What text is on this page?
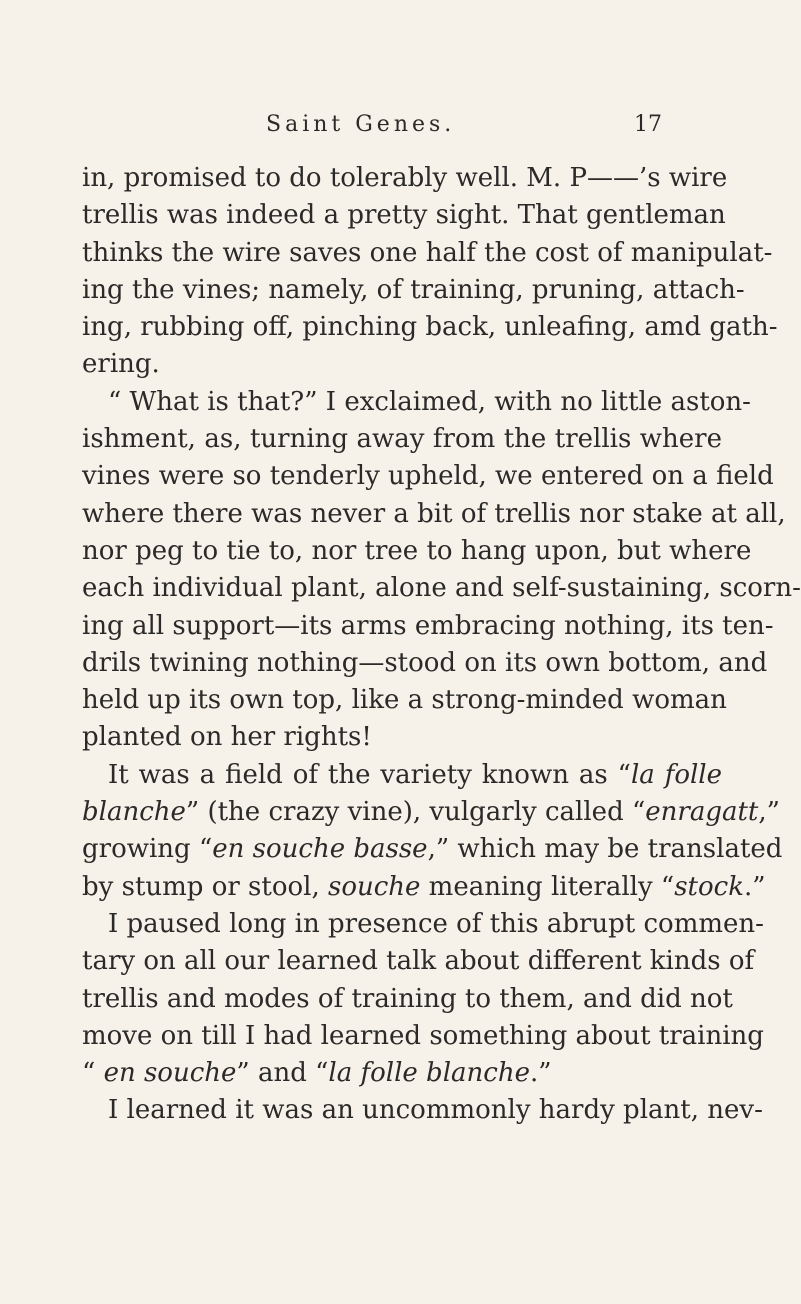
Saint Genes.	17
in, promised to do tolerably well. M. P——’s wire
trellis was indeed a pretty sight. That gentleman
thinks the wire saves one half the cost of manipulat-
ing the vines; namely, of training, pruning, attach-
ing, rubbing off, pinching back, unleafing, amd gath-
ering.
“ What is that?” I exclaimed, with no little aston-
ishment, as, turning away from the trellis where
vines were so tenderly upheld, we entered on a field
where there was never a bit of trellis nor stake at all,
nor peg to tie to, nor tree to hang upon, but where
each individual plant, alone and self-sustaining, scorn-
ing all support—its arms embracing nothing, its ten-
drils twining nothing—stood on its own bottom, and
held up its own top, like a strong-minded woman
planted on her rights!
It was a field of the variety known as “la folle
blanche” (the crazy vine), vulgarly called “enragatt,”
growing “en souche basse,” which may be translated
by stump or stool, souche meaning literally “stock.”
I paused long in presence of this abrupt commen-
tary on all our learned talk about different kinds of
trellis and modes of training to them, and did not
move on till I had learned something about training
“ en souche” and “la folle blanche.”
I learned it was an uncommonly hardy plant, nev-
